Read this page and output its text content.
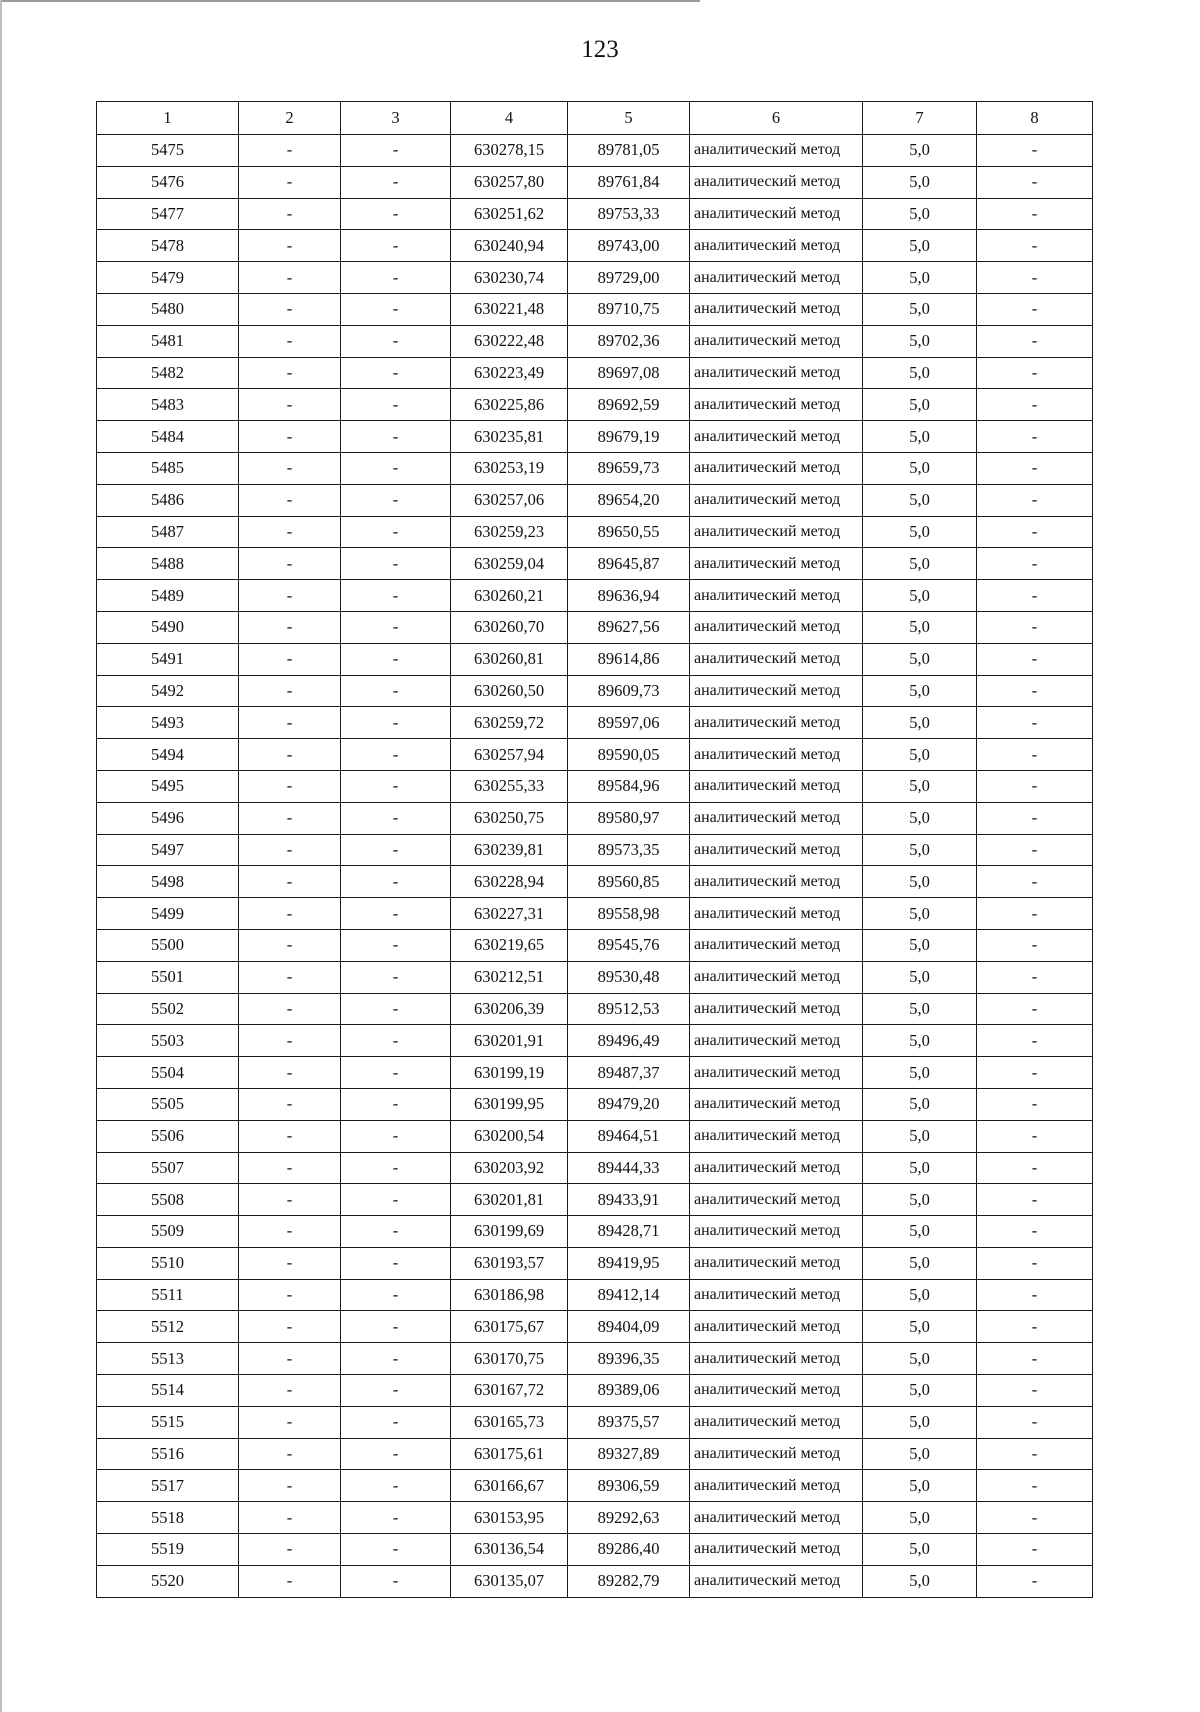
123
1	2	3	4	5	6	7	8
5475	-	-	630278,15	89781,05	аналитический метод	5,0	-
5476	-	-	630257,80	89761,84	аналитический метод	5,0	-
5477	-	-	630251,62	89753,33	аналитический метод	5,0	-
5478	-	-	630240,94	89743,00	аналитический метод	5,0	-
5479	-	-	630230,74	89729,00	аналитический метод	5,0	-
5480	-	-	630221,48	89710,75	аналитический метод	5,0	-
5481	-	-	630222,48	89702,36	аналитический метод	5,0	-
5482	-	-	630223,49	89697,08	аналитический метод	5,0	-
5483	-	-	630225,86	89692,59	аналитический метод	5,0	-
5484	-	-	630235,81	89679,19	аналитический метод	5,0	-
5485	-	-	630253,19	89659,73	аналитический метод	5,0	-
5486	-	-	630257,06	89654,20	аналитический метод	5,0	-
5487	-	-	630259,23	89650,55	аналитический метод	5,0	-
5488	-	-	630259,04	89645,87	аналитический метод	5,0	-
5489	-	-	630260,21	89636,94	аналитический метод	5,0	-
5490	-	-	630260,70	89627,56	аналитический метод	5,0	-
5491	-	-	630260,81	89614,86	аналитический метод	5,0	-
5492	-	-	630260,50	89609,73	аналитический метод	5,0	-
5493	-	-	630259,72	89597,06	аналитический метод	5,0	-
5494	-	-	630257,94	89590,05	аналитический метод	5,0	-
5495	-	-	630255,33	89584,96	аналитический метод	5,0	-
5496	-	-	630250,75	89580,97	аналитический метод	5,0	-
5497	-	-	630239,81	89573,35	аналитический метод	5,0	-
5498	-	-	630228,94	89560,85	аналитический метод	5,0	-
5499	-	-	630227,31	89558,98	аналитический метод	5,0	-
5500	-	-	630219,65	89545,76	аналитический метод	5,0	-
5501	-	-	630212,51	89530,48	аналитический метод	5,0	-
5502	-	-	630206,39	89512,53	аналитический метод	5,0	-
5503	-	-	630201,91	89496,49	аналитический метод	5,0	-
5504	-	-	630199,19	89487,37	аналитический метод	5,0	-
5505	-	-	630199,95	89479,20	аналитический метод	5,0	-
5506	-	-	630200,54	89464,51	аналитический метод	5,0	-
5507	-	-	630203,92	89444,33	аналитический метод	5,0	-
5508	-	-	630201,81	89433,91	аналитический метод	5,0	-
5509	-	-	630199,69	89428,71	аналитический метод	5,0	-
5510	-	-	630193,57	89419,95	аналитический метод	5,0	-
5511	-	-	630186,98	89412,14	аналитический метод	5,0	-
5512	-	-	630175,67	89404,09	аналитический метод	5,0	-
5513	-	-	630170,75	89396,35	аналитический метод	5,0	-
5514	-	-	630167,72	89389,06	аналитический метод	5,0	-
5515	-	-	630165,73	89375,57	аналитический метод	5,0	-
5516	-	-	630175,61	89327,89	аналитический метод	5,0	-
5517	-	-	630166,67	89306,59	аналитический метод	5,0	-
5518	-	-	630153,95	89292,63	аналитический метод	5,0	-
5519	-	-	630136,54	89286,40	аналитический метод	5,0	-
5520	-	-	630135,07	89282,79	аналитический метод	5,0	-
